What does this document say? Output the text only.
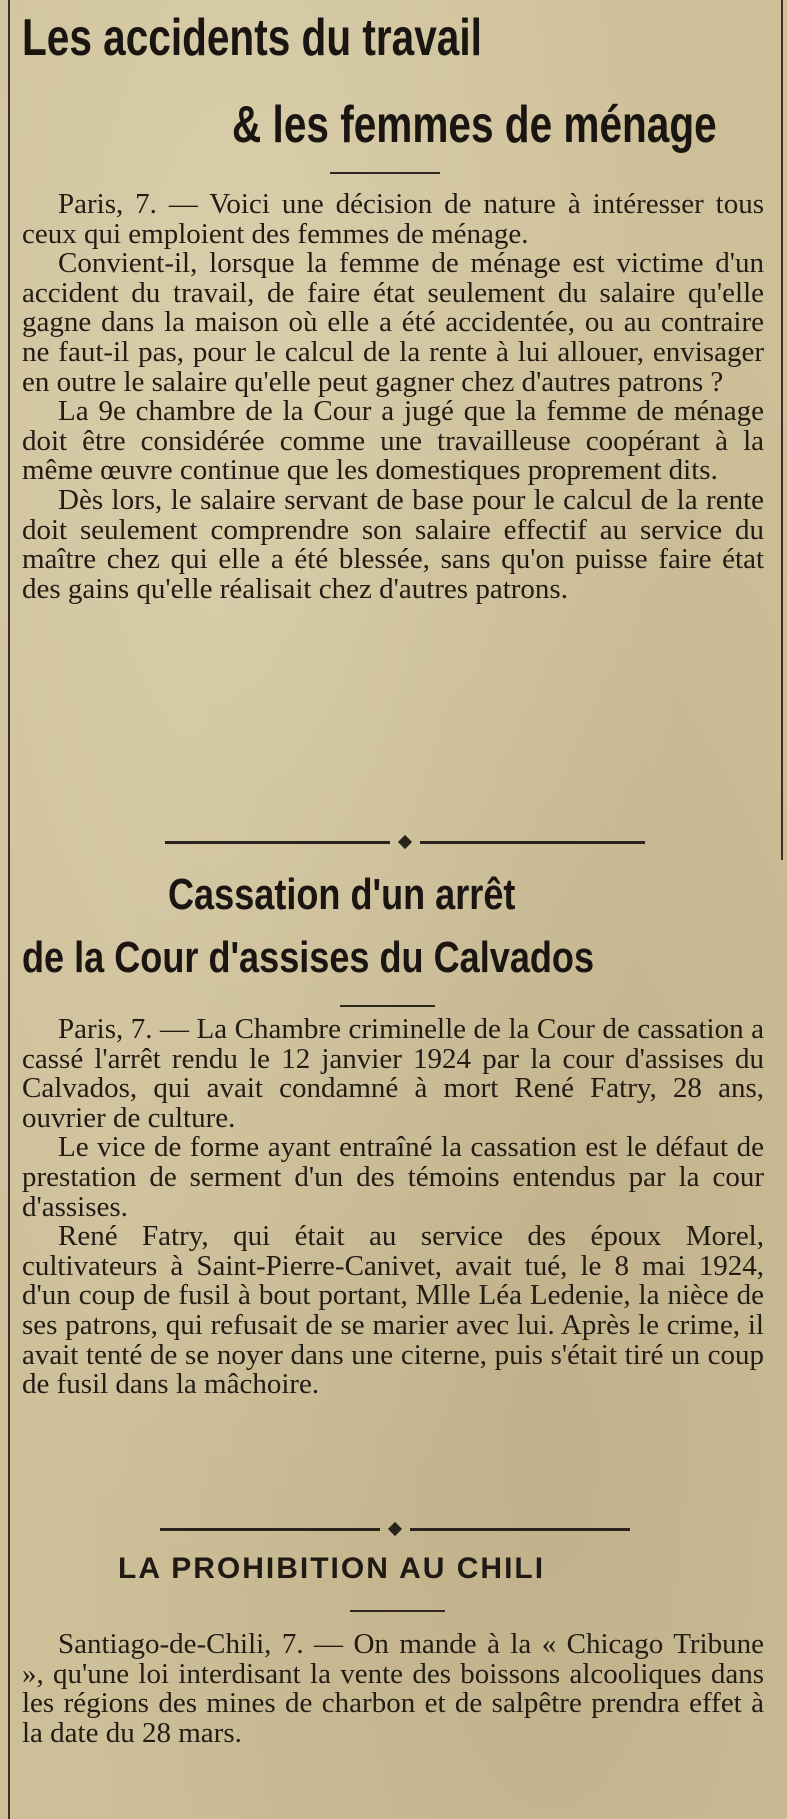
Les accidents du travail
& les femmes de ménage

Paris, 7. — Voici une décision de nature à intéresser tous ceux qui emploient des femmes de ménage.

Convient-il, lorsque la femme de ménage est victime d'un accident du travail, de faire état seulement du salaire qu'elle gagne dans la maison où elle a été accidentée, ou au contraire ne faut-il pas, pour le calcul de la rente à lui allouer, envisager en outre le salaire qu'elle peut gagner chez d'autres patrons ?

La 9e chambre de la Cour a jugé que la femme de ménage doit être considérée comme une travailleuse coopérant à la même œuvre continue que les domestiques proprement dits.

Dès lors, le salaire servant de base pour le calcul de la rente doit seulement comprendre son salaire effectif au service du maître chez qui elle a été blessée, sans qu'on puisse faire état des gains qu'elle réalisait chez d'autres patrons.

Cassation d'un arrêt
de la Cour d'assises du Calvados

Paris, 7. — La Chambre criminelle de la Cour de cassation a cassé l'arrêt rendu le 12 janvier 1924 par la cour d'assises du Calvados, qui avait condamné à mort René Fatry, 28 ans, ouvrier de culture.

Le vice de forme ayant entraîné la cassation est le défaut de prestation de serment d'un des témoins entendus par la cour d'assises.

René Fatry, qui était au service des époux Morel, cultivateurs à Saint-Pierre-Canivet, avait tué, le 8 mai 1924, d'un coup de fusil à bout portant, Mlle Léa Ledenie, la nièce de ses patrons, qui refusait de se marier avec lui. Après le crime, il avait tenté de se noyer dans une citerne, puis s'était tiré un coup de fusil dans la mâchoire.

LA PROHIBITION AU CHILI

Santiago-de-Chili, 7. — On mande à la « Chicago Tribune », qu'une loi interdisant la vente des boissons alcooliques dans les régions des mines de charbon et de salpêtre prendra effet à la date du 28 mars.
